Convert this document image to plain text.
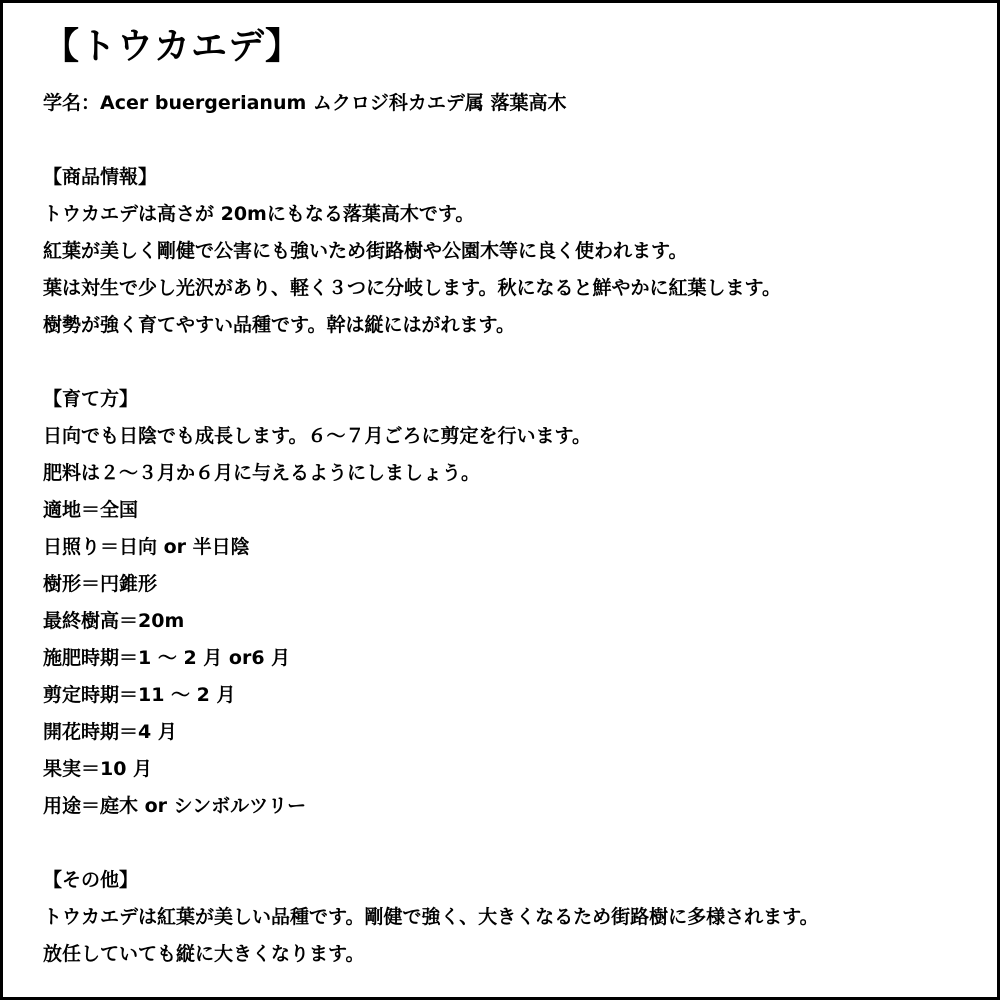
【トウカエデ】

学名：Acer buergerianum ムクロジ科カエデ属 落葉高木

【商品情報】

トウカエデは高さが 20mにもなる落葉高木です。

紅葉が美しく剛健で公害にも強いため街路樹や公園木等に良く使われます。

葉は対生で少し光沢があり、軽く３つに分岐します。秋になると鮮やかに紅葉します。

樹勢が強く育てやすい品種です。幹は縦にはがれます。

【育て方】

日向でも日陰でも成長します。６～７月ごろに剪定を行います。

肥料は２～３月か６月に与えるようにしましょう。

適地＝全国

日照り＝日向 or 半日陰

樹形＝円錐形

最終樹高＝20m

施肥時期＝1 ～ 2 月 or6 月

剪定時期＝11 ～ 2 月

開花時期＝4 月

果実＝10 月

用途＝庭木 or シンボルツリー

【その他】

トウカエデは紅葉が美しい品種です。剛健で強く、大きくなるため街路樹に多様されます。

放任していても縦に大きくなります。
